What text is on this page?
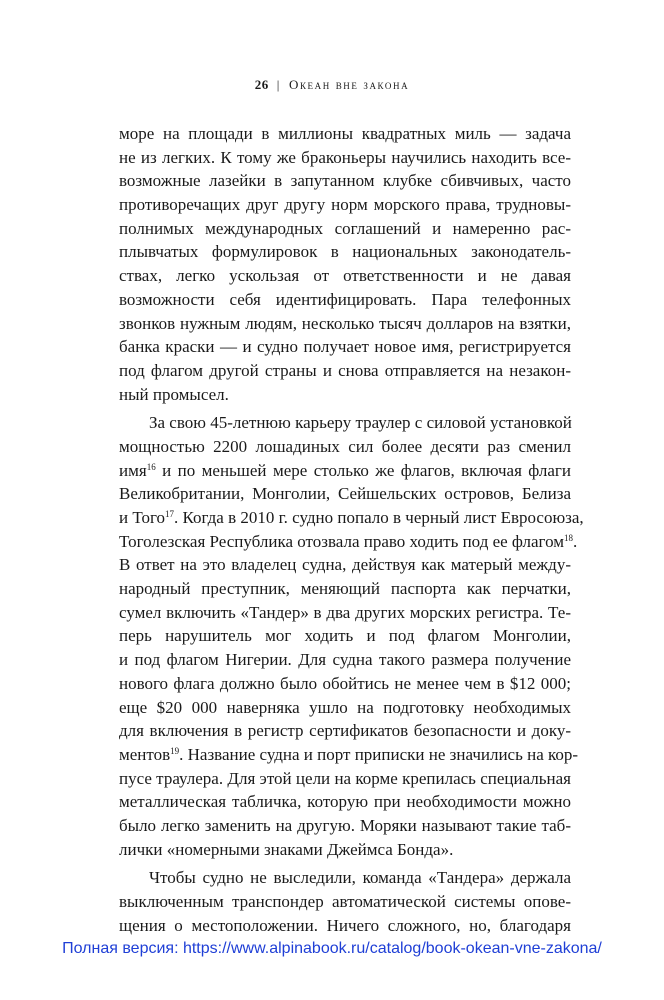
26 | Океан вне закона
море на площади в миллионы квадратных миль — задача
не из легких. К тому же браконьеры научились находить все-
возможные лазейки в запутанном клубке сбивчивых, часто
противоречащих друг другу норм морского права, трудновы-
полнимых международных соглашений и намеренно рас-
плывчатых формулировок в национальных законодатель-
ствах, легко ускользая от ответственности и не давая
возможности себя идентифицировать. Пара телефонных
звонков нужным людям, несколько тысяч долларов на взятки,
банка краски — и судно получает новое имя, регистрируется
под флагом другой страны и снова отправляется на незакон-
ный промысел.
За свою 45-летнюю карьеру траулер с силовой установкой
мощностью 2200 лошадиных сил более десяти раз сменил
имя$^{16}$ и по меньшей мере столько же флагов, включая флаги
Великобритании, Монголии, Сейшельских островов, Белиза
и Того$^{17}$. Когда в 2010 г. судно попало в черный лист Евросоюза,
Тоголезская Республика отозвала право ходить под ее флагом$^{18}$.
В ответ на это владелец судна, действуя как матерый между-
народный преступник, меняющий паспорта как перчатки,
сумел включить «Тандер» в два других морских регистра. Те-
перь нарушитель мог ходить и под флагом Монголии,
и под флагом Нигерии. Для судна такого размера получение
нового флага должно было обойтись не менее чем в $12 000;
еще $20 000 наверняка ушло на подготовку необходимых
для включения в регистр сертификатов безопасности и доку-
ментов$^{19}$. Название судна и порт приписки не значились на кор-
пусе траулера. Для этой цели на корме крепилась специальная
металлическая табличка, которую при необходимости можно
было легко заменить на другую. Моряки называют такие таб-
лички «номерными знаками Джеймса Бонда».
Чтобы судно не выследили, команда «Тандера» держала
выключенным транспондер автоматической системы опове-
щения о местоположении. Ничего сложного, но, благодаря
Полная версия: https://www.alpinabook.ru/catalog/book-okean-vne-zakona/
